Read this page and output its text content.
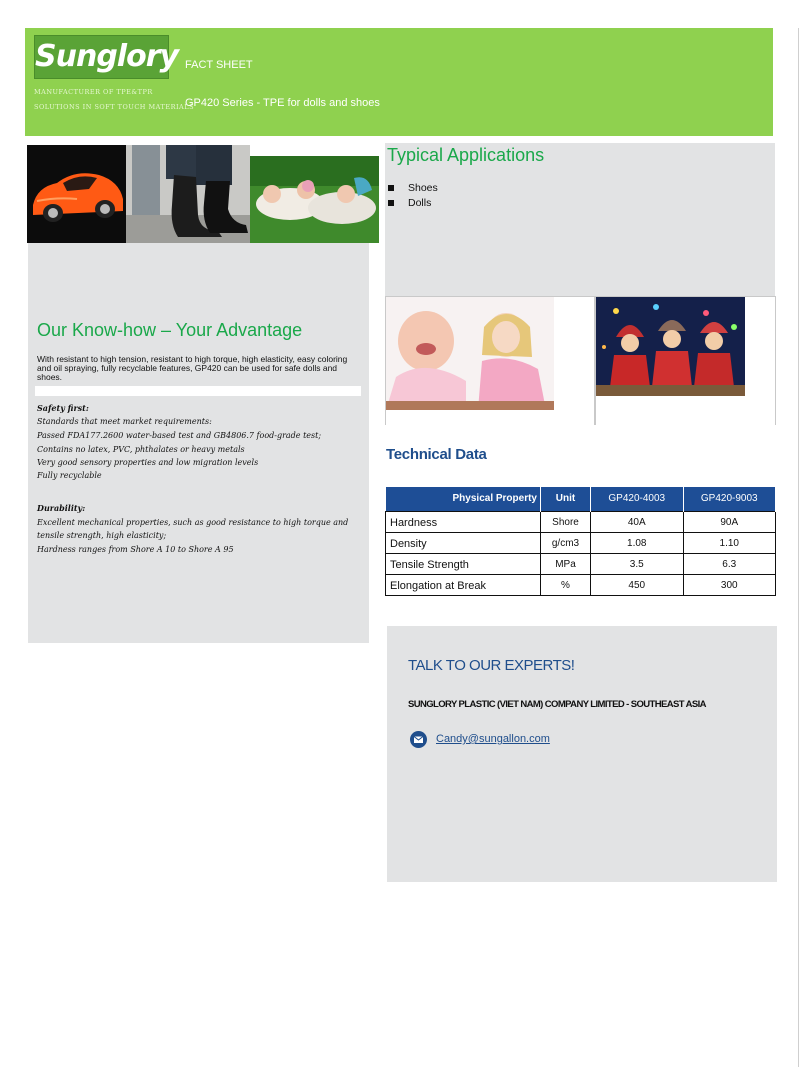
Sunglory
MANUFACTURER OF TPE&TPR
SOLUTIONS IN SOFT TOUCH MATERIALS
FACT SHEET
GP420 Series - TPE for dolls and shoes
Our Know-how – Your Advantage
With resistant to high tension, resistant to high torque, high elasticity, easy coloring and oil spraying, fully recyclable features, GP420 can be used for safe dolls and shoes.
Safety first:
Standards that meet market requirements:
Passed FDA177.2600 water-based test and GB4806.7 food-grade test;
Contains no latex, PVC, phthalates or heavy metals
Very good sensory properties and low migration levels
Fully recyclable
Durability:
Excellent mechanical properties, such as good resistance to high torque and tensile strength, high elasticity;
Hardness ranges from Shore A 10 to Shore A 95
Typical Applications
Shoes
Dolls
Technical Data
Physical Property	Unit	GP420-4003	GP420-9003
Hardness	Shore	40A	90A
Density	g/cm3	1.08	1.10
Tensile Strength	MPa	3.5	6.3
Elongation at Break	%	450	300
TALK TO OUR EXPERTS!
SUNGLORY PLASTIC (VIET NAM) COMPANY LIMITED - SOUTHEAST ASIA
Candy@sungallon.com
